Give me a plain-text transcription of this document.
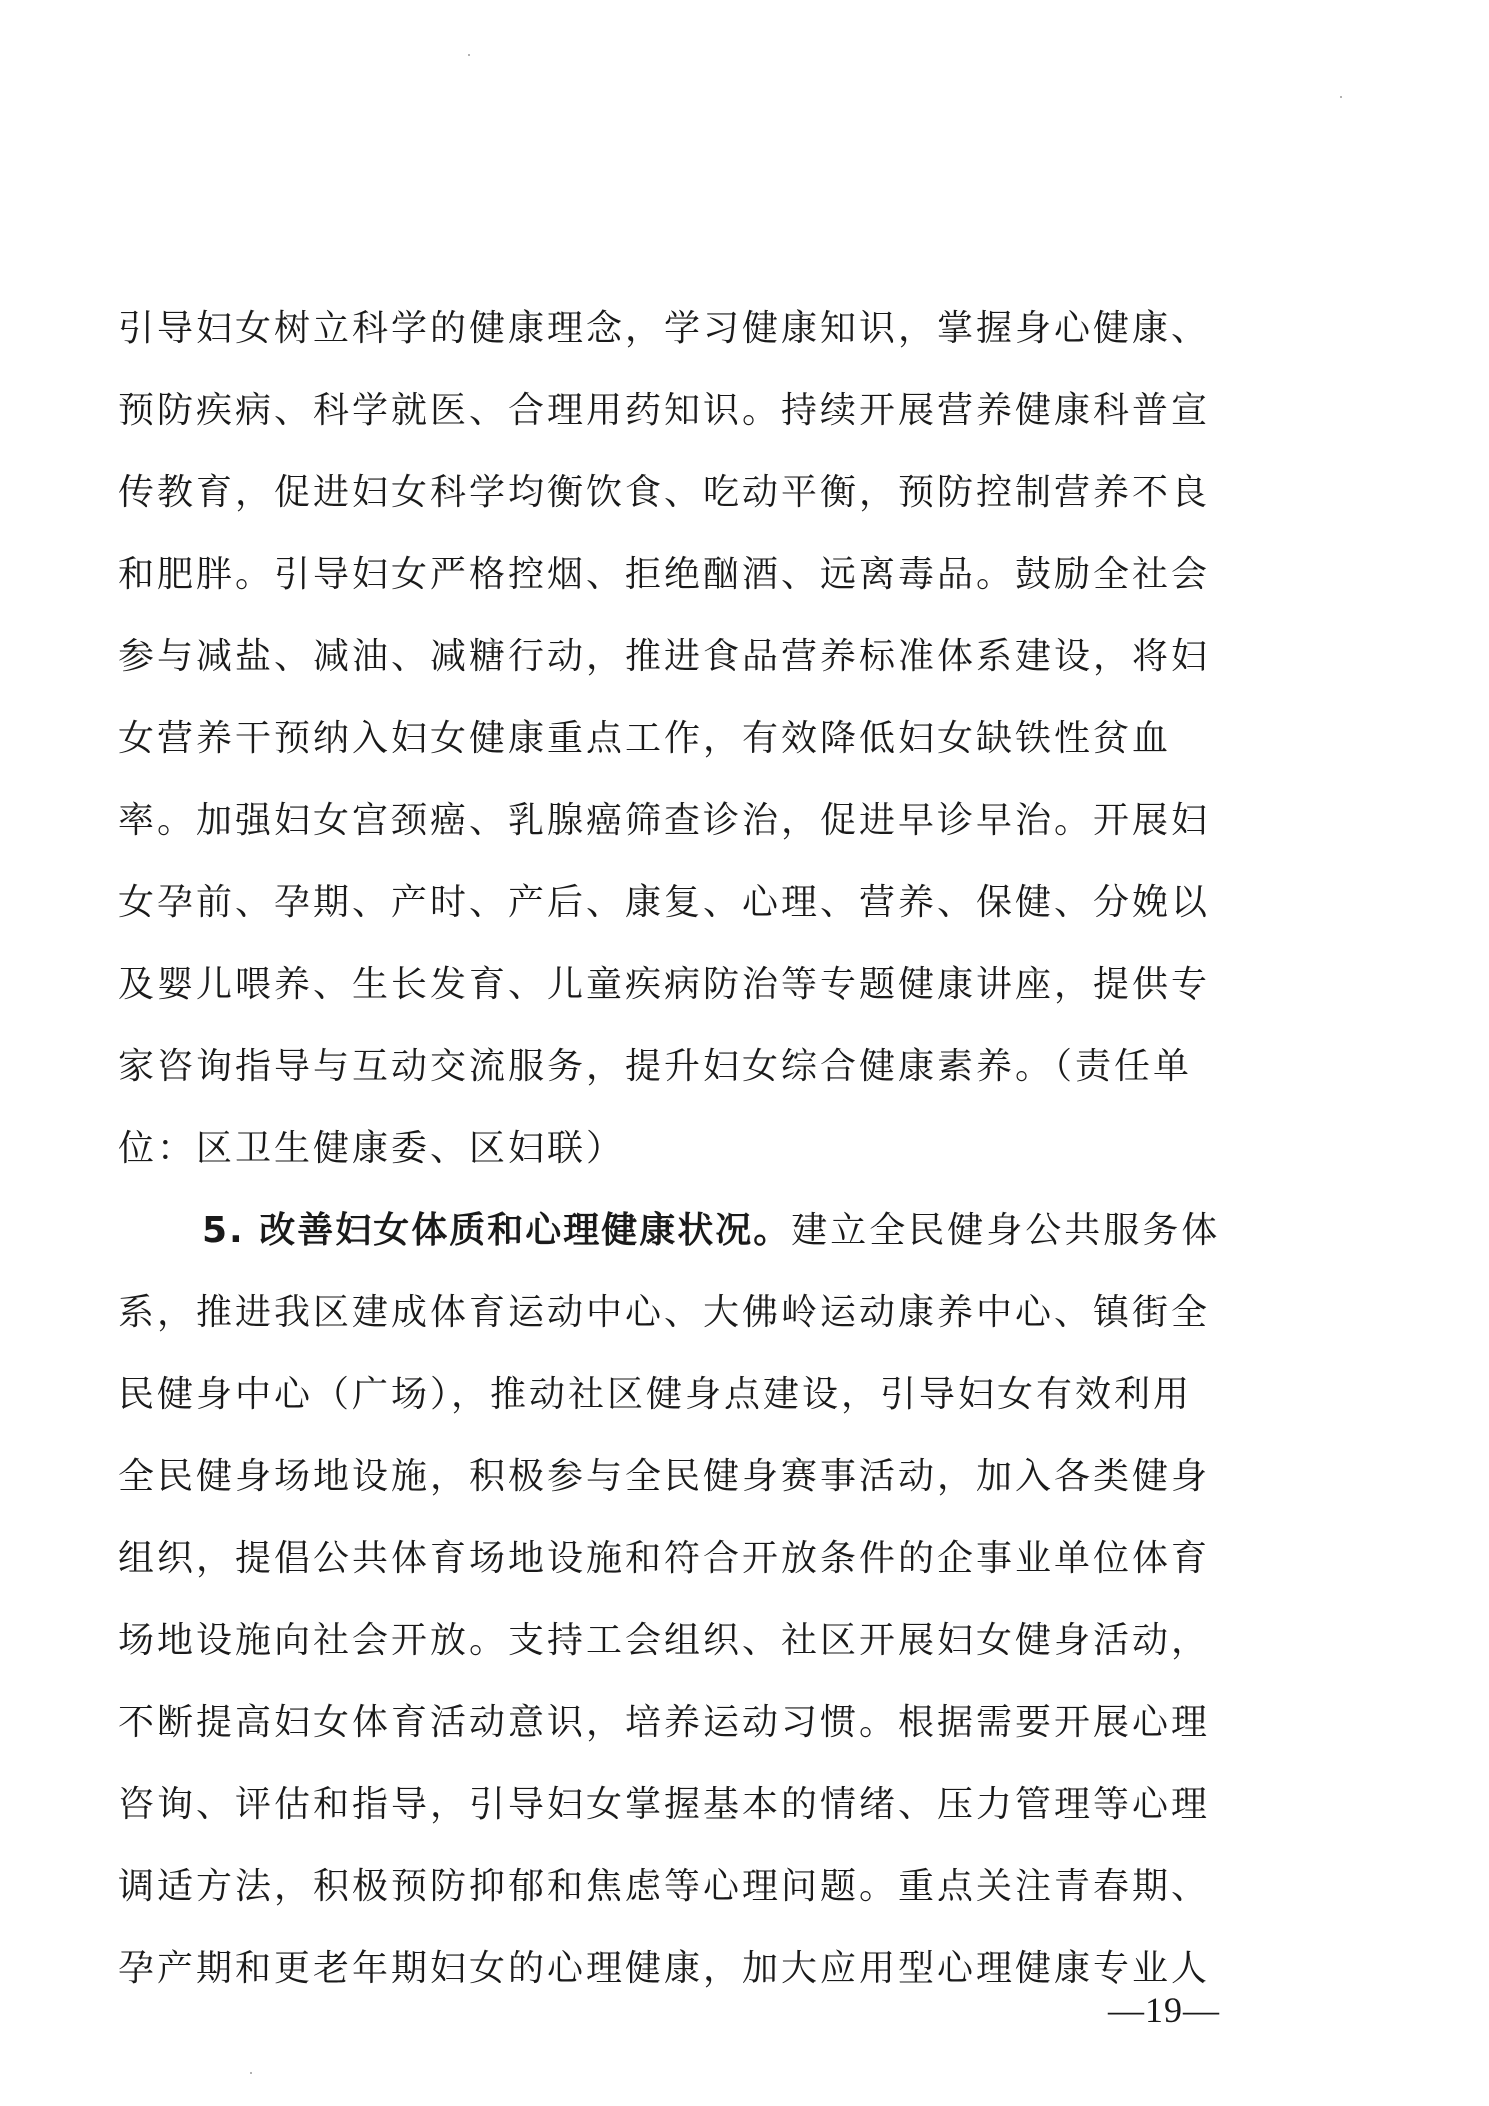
引导妇女树立科学的健康理念，学习健康知识，掌握身心健康、
预防疾病、科学就医、合理用药知识。持续开展营养健康科普宣
传教育，促进妇女科学均衡饮食、吃动平衡，预防控制营养不良
和肥胖。引导妇女严格控烟、拒绝酗酒、远离毒品。鼓励全社会
参与减盐、减油、减糖行动，推进食品营养标准体系建设，将妇
女营养干预纳入妇女健康重点工作，有效降低妇女缺铁性贫血
率。加强妇女宫颈癌、乳腺癌筛查诊治，促进早诊早治。开展妇
女孕前、孕期、产时、产后、康复、心理、营养、保健、分娩以
及婴儿喂养、生长发育、儿童疾病防治等专题健康讲座，提供专
家咨询指导与互动交流服务，提升妇女综合健康素养。（责任单
位：区卫生健康委、区妇联）
5. 改善妇女体质和心理健康状况。建立全民健身公共服务体
系，推进我区建成体育运动中心、大佛岭运动康养中心、镇街全
民健身中心（广场），推动社区健身点建设，引导妇女有效利用
全民健身场地设施，积极参与全民健身赛事活动，加入各类健身
组织，提倡公共体育场地设施和符合开放条件的企事业单位体育
场地设施向社会开放。支持工会组织、社区开展妇女健身活动，
不断提高妇女体育活动意识，培养运动习惯。根据需要开展心理
咨询、评估和指导，引导妇女掌握基本的情绪、压力管理等心理
调适方法，积极预防抑郁和焦虑等心理问题。重点关注青春期、
孕产期和更老年期妇女的心理健康，加大应用型心理健康专业人
—19—
